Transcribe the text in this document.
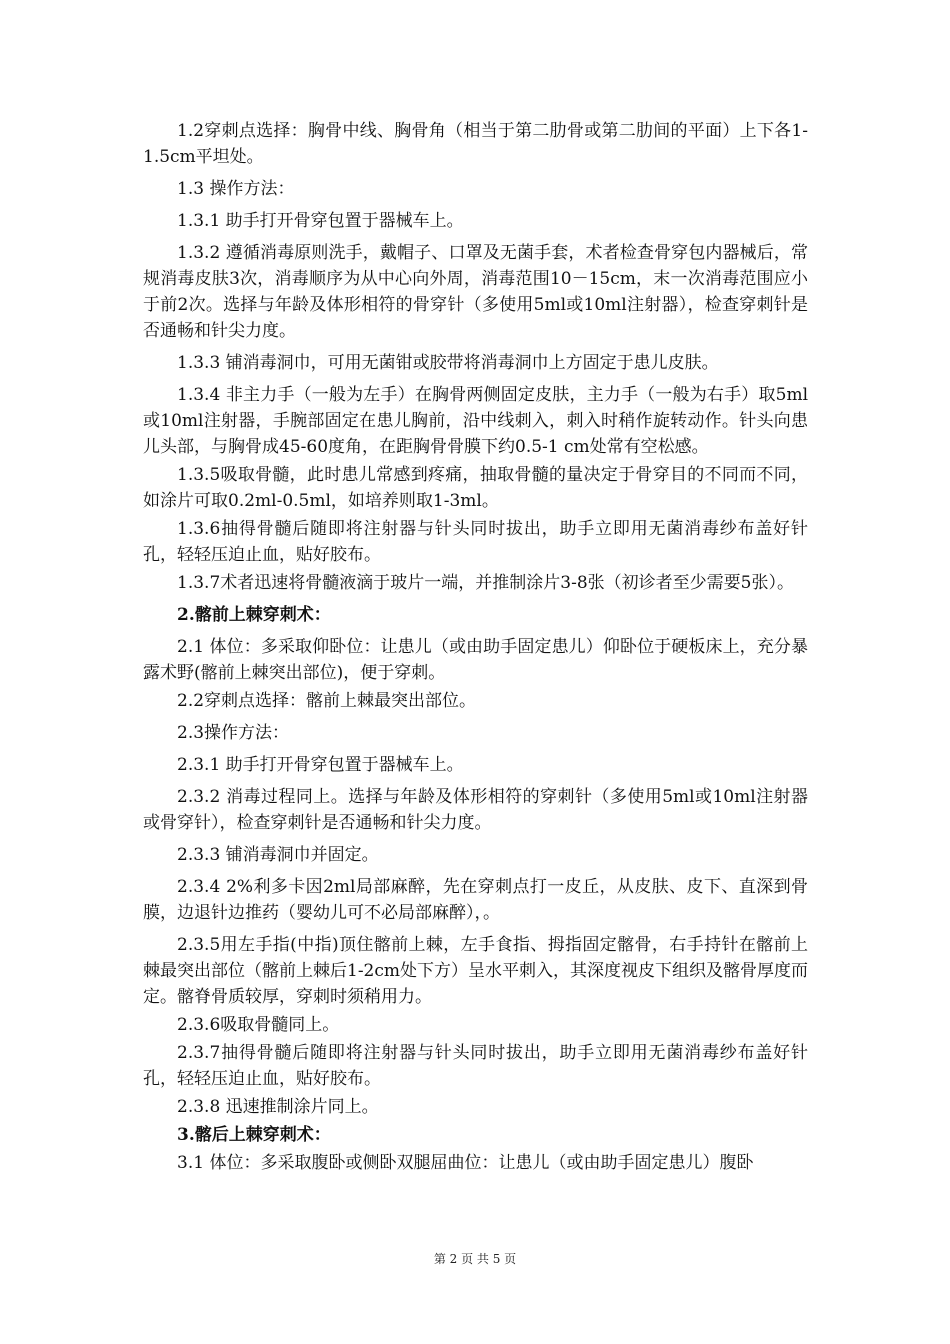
1.2穿刺点选择：胸骨中线、胸骨角（相当于第二肋骨或第二肋间的平面）上下各1-1.5cm平坦处。

1.3 操作方法：

1.3.1 助手打开骨穿包置于器械车上。

1.3.2 遵循消毒原则洗手，戴帽子、口罩及无菌手套，术者检查骨穿包内器械后，常规消毒皮肤3次，消毒顺序为从中心向外周，消毒范围10－15cm，末一次消毒范围应小于前2次。选择与年龄及体形相符的骨穿针（多使用5ml或10ml注射器），检查穿刺针是否通畅和针尖力度。

1.3.3 铺消毒洞巾，可用无菌钳或胶带将消毒洞巾上方固定于患儿皮肤。

1.3.4 非主力手（一般为左手）在胸骨两侧固定皮肤，主力手（一般为右手）取5ml或10ml注射器，手腕部固定在患儿胸前，沿中线刺入，刺入时稍作旋转动作。针头向患儿头部，与胸骨成45-60度角，在距胸骨骨膜下约0.5-1 cm处常有空松感。

1.3.5吸取骨髓，此时患儿常感到疼痛，抽取骨髓的量决定于骨穿目的不同而不同，如涂片可取0.2ml-0.5ml，如培养则取1-3ml。

1.3.6抽得骨髓后随即将注射器与针头同时拔出，助手立即用无菌消毒纱布盖好针孔，轻轻压迫止血，贴好胶布。

1.3.7术者迅速将骨髓液滴于玻片一端，并推制涂片3-8张（初诊者至少需要5张）。

2.髂前上棘穿刺术：

2.1 体位：多采取仰卧位：让患儿（或由助手固定患儿）仰卧位于硬板床上，充分暴露术野(髂前上棘突出部位)，便于穿刺。

2.2穿刺点选择：髂前上棘最突出部位。

2.3操作方法：

2.3.1 助手打开骨穿包置于器械车上。

2.3.2 消毒过程同上。选择与年龄及体形相符的穿刺针（多使用5ml或10ml注射器或骨穿针），检查穿刺针是否通畅和针尖力度。

2.3.3 铺消毒洞巾并固定。

2.3.4 2%利多卡因2ml局部麻醉，先在穿刺点打一皮丘，从皮肤、皮下、直深到骨膜，边退针边推药（婴幼儿可不必局部麻醉），。

2.3.5用左手指(中指)顶住髂前上棘，左手食指、拇指固定髂骨，右手持针在髂前上棘最突出部位（髂前上棘后1-2cm处下方）呈水平刺入，其深度视皮下组织及髂骨厚度而定。髂脊骨质较厚，穿刺时须稍用力。

2.3.6吸取骨髓同上。

2.3.7抽得骨髓后随即将注射器与针头同时拔出，助手立即用无菌消毒纱布盖好针孔，轻轻压迫止血，贴好胶布。

2.3.8 迅速推制涂片同上。

3.髂后上棘穿刺术：

3.1 体位：多采取腹卧或侧卧双腿屈曲位：让患儿（或由助手固定患儿）腹卧

第 2 页 共 5 页
